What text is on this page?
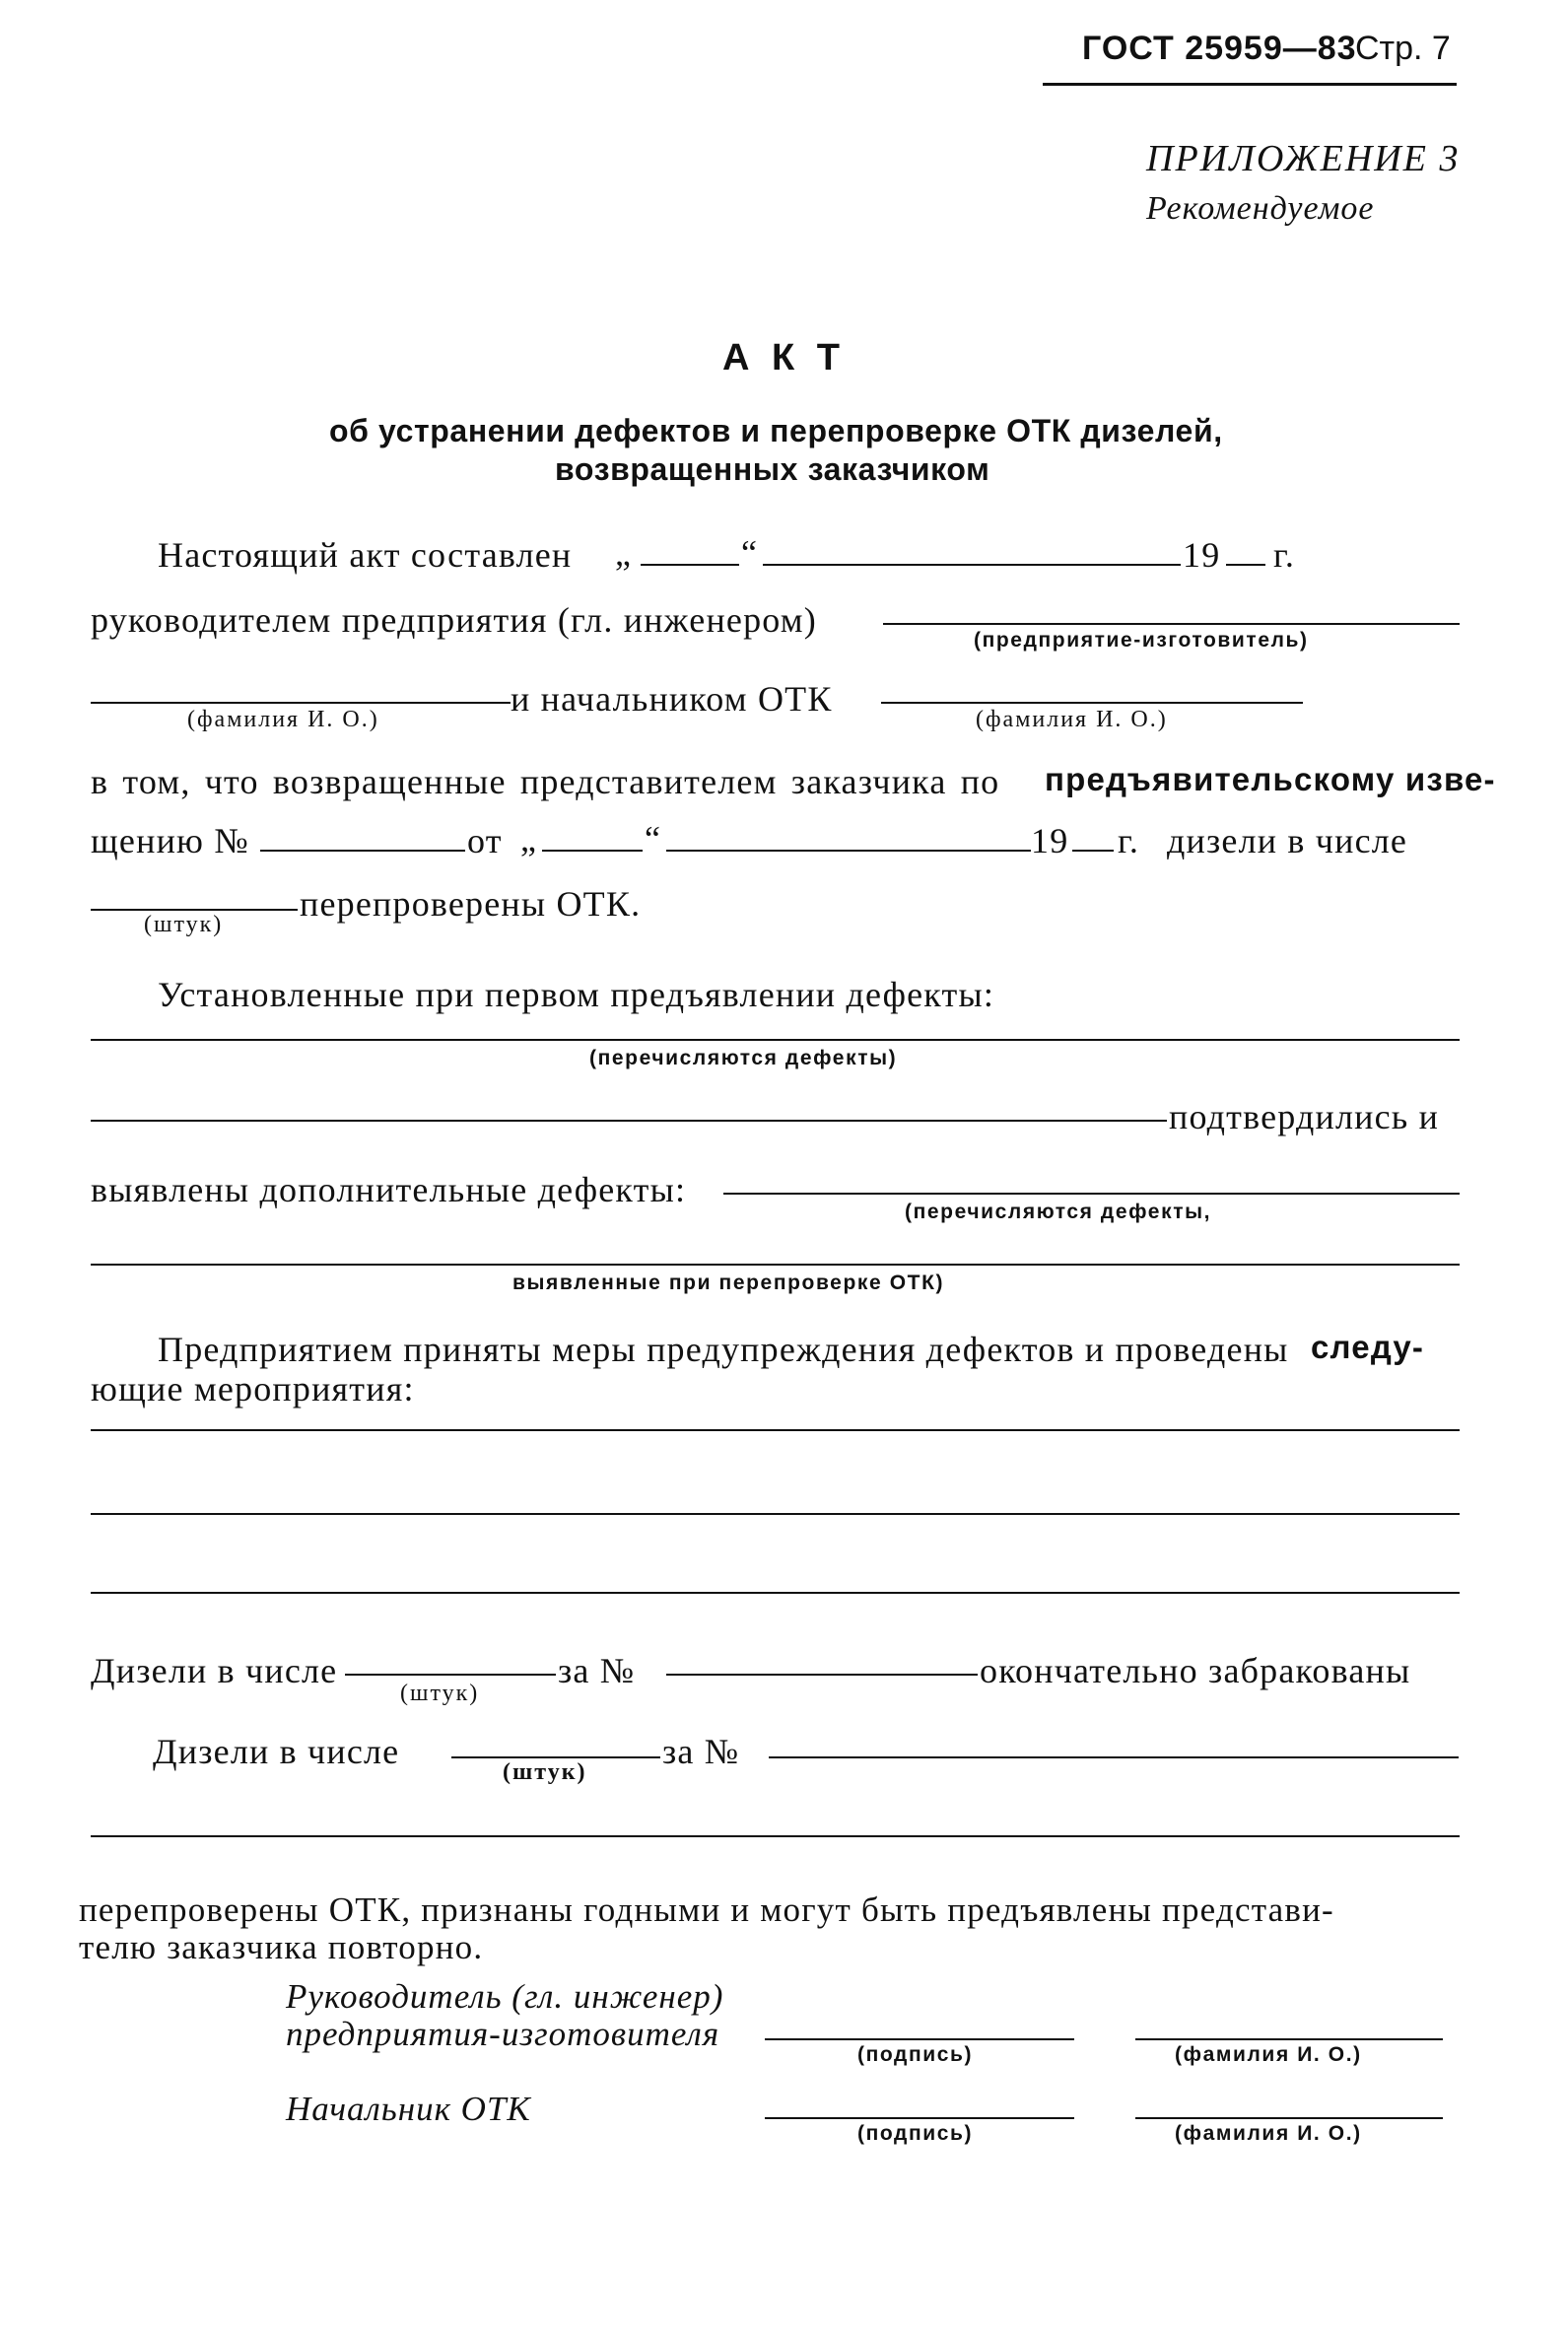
ГОСТ 25959—83
Стр. 7
ПРИЛОЖЕНИЕ 3
Рекомендуемое
А К Т
об устранении дефектов и перепроверке ОТК дизелей,
возвращенных заказчиком
Настоящий акт составлен „	“	19 г.
руководителем предприятия (гл. инженером)
(предприятие-изготовитель)
и начальником ОТК
(фамилия И. О.)	(фамилия И. О.)
в том, что возвращенные представителем заказчика по предъявительскому изве-
щению №	от „	“	19 г. дизели в числе
перепроверены ОТК.
(штук)
Установленные при первом предъявлении дефекты:
(перечисляются дефекты)
подтвердились и
выявлены дополнительные дефекты:
(перечисляются дефекты,
выявленные при перепроверке ОТК)
Предприятием приняты меры предупреждения дефектов и проведены следу-
ющие мероприятия:
Дизели в числе	за №	окончательно забракованы
(штук)
Дизели в числе	за №
(штук)
перепроверены ОТК, признаны годными и могут быть предъявлены представи-
телю заказчика повторно.
Руководитель (гл. инженер)
предприятия-изготовителя
(подпись)	(фамилия И. О.)
Начальник ОТК
(подпись)	(фамилия И. О.)
